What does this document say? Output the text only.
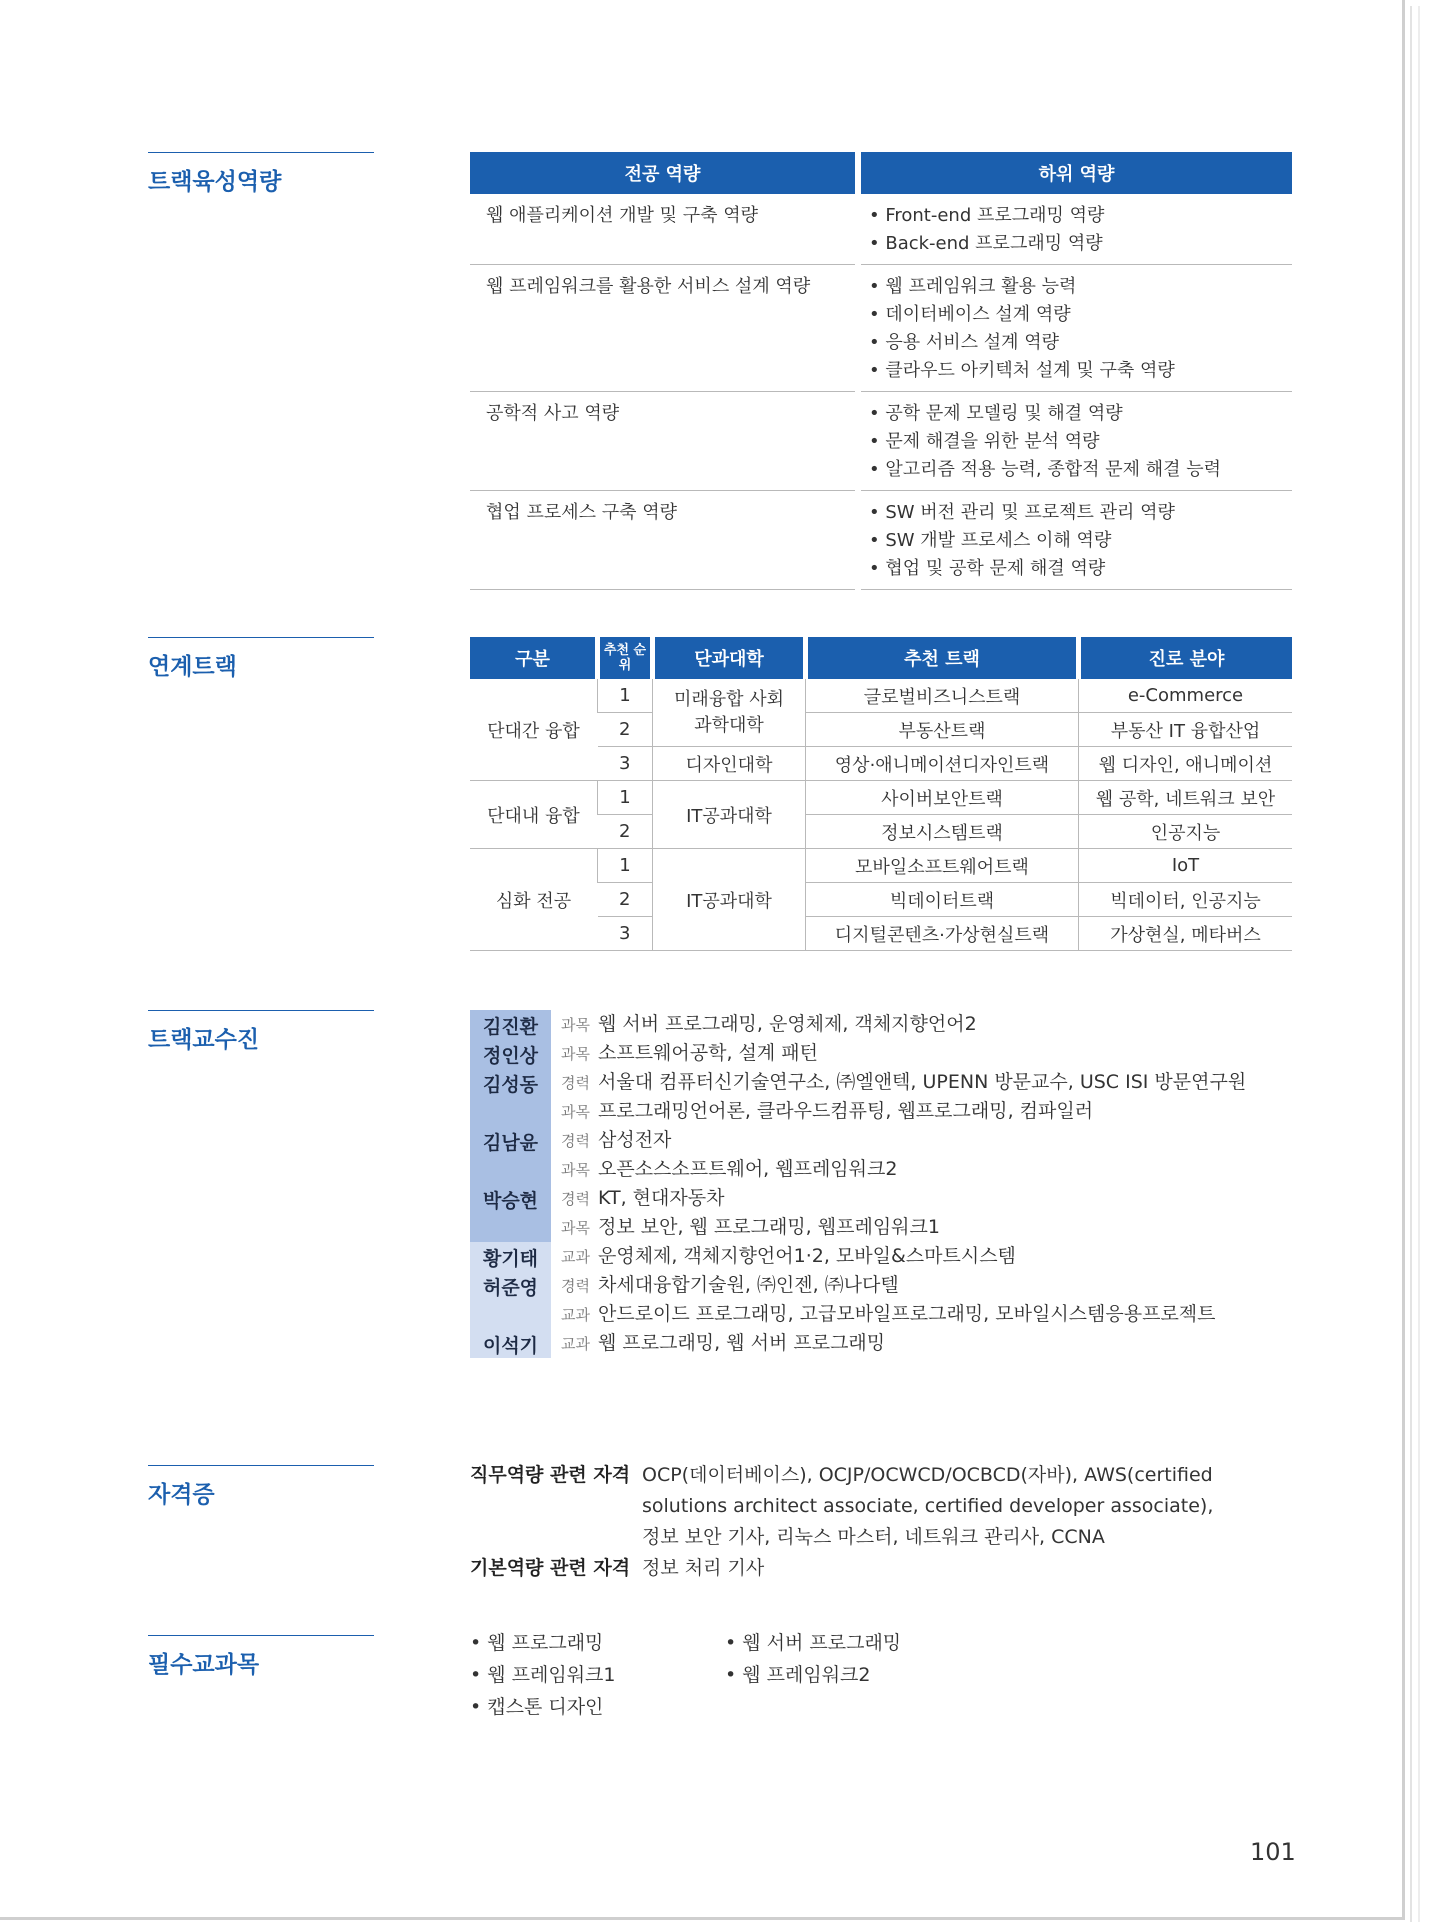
트랙육성역량
연계트랙
트랙교수진
자격증
필수교과목
전공 역량	하위 역량
웹 애플리케이션 개발 및 구축 역량	• Front-end 프로그래밍 역량
• Back-end 프로그래밍 역량

웹 프레임워크를 활용한 서비스 설계 역량	• 웹 프레임워크 활용 능력
• 데이터베이스 설계 역량
• 응용 서비스 설계 역량
• 클라우드 아키텍처 설계 및 구축 역량

공학적 사고 역량	• 공학 문제 모델링 및 해결 역량
• 문제 해결을 위한 분석 역량
• 알고리즘 적용 능력, 종합적 문제 해결 능력

협업 프로세스 구축 역량	• SW 버전 관리 및 프로젝트 관리 역량
• SW 개발 프로세스 이해 역량
• 협업 및 공학 문제 해결 역량
구분	추천 순위	단과대학	추천 트랙	진로 분야
단대간 융합	1	미래융합 사회과학대학	글로벌비즈니스트랙	e-Commerce
	2		부동산트랙	부동산 IT 융합산업
	3	디자인대학	영상·애니메이션디자인트랙	웹 디자인, 애니메이션
단대내 융합	1	IT공과대학	사이버보안트랙	웹 공학, 네트워크 보안
	2		정보시스템트랙	인공지능
심화 전공	1	IT공과대학	모바일소프트웨어트랙	IoT
	2		빅데이터트랙	빅데이터, 인공지능
	3		디지털콘텐츠·가상현실트랙	가상현실, 메타버스
김진환	과목 웹 서버 프로그래밍, 운영체제, 객체지향언어2
정인상	과목 소프트웨어공학, 설계 패턴
김성동	경력 서울대 컴퓨터신기술연구소, ㈜엘앤텍, UPENN 방문교수, USC ISI 방문연구원
과목 프로그래밍언어론, 클라우드컴퓨팅, 웹프로그래밍, 컴파일러
김남윤	경력 삼성전자
과목 오픈소스소프트웨어, 웹프레임워크2
박승현	경력 KT, 현대자동차
과목 정보 보안, 웹 프로그래밍, 웹프레임워크1
황기태	교과 운영체제, 객체지향언어1·2, 모바일&스마트시스템
허준영	경력 차세대융합기술원, ㈜인젠, ㈜나다텔
교과 안드로이드 프로그래밍, 고급모바일프로그래밍, 모바일시스템응용프로젝트
이석기	교과 웹 프로그래밍, 웹 서버 프로그래밍
직무역량 관련 자격 OCP(데이터베이스), OCJP/OCWCD/OCBCD(자바), AWS(certified
solutions architect associate, certified developer associate),
정보 보안 기사, 리눅스 마스터, 네트워크 관리사, CCNA
기본역량 관련 자격 정보 처리 기사
• 웹 프로그래밍	• 웹 서버 프로그래밍
• 웹 프레임워크1	• 웹 프레임워크2
• 캡스톤 디자인
101
